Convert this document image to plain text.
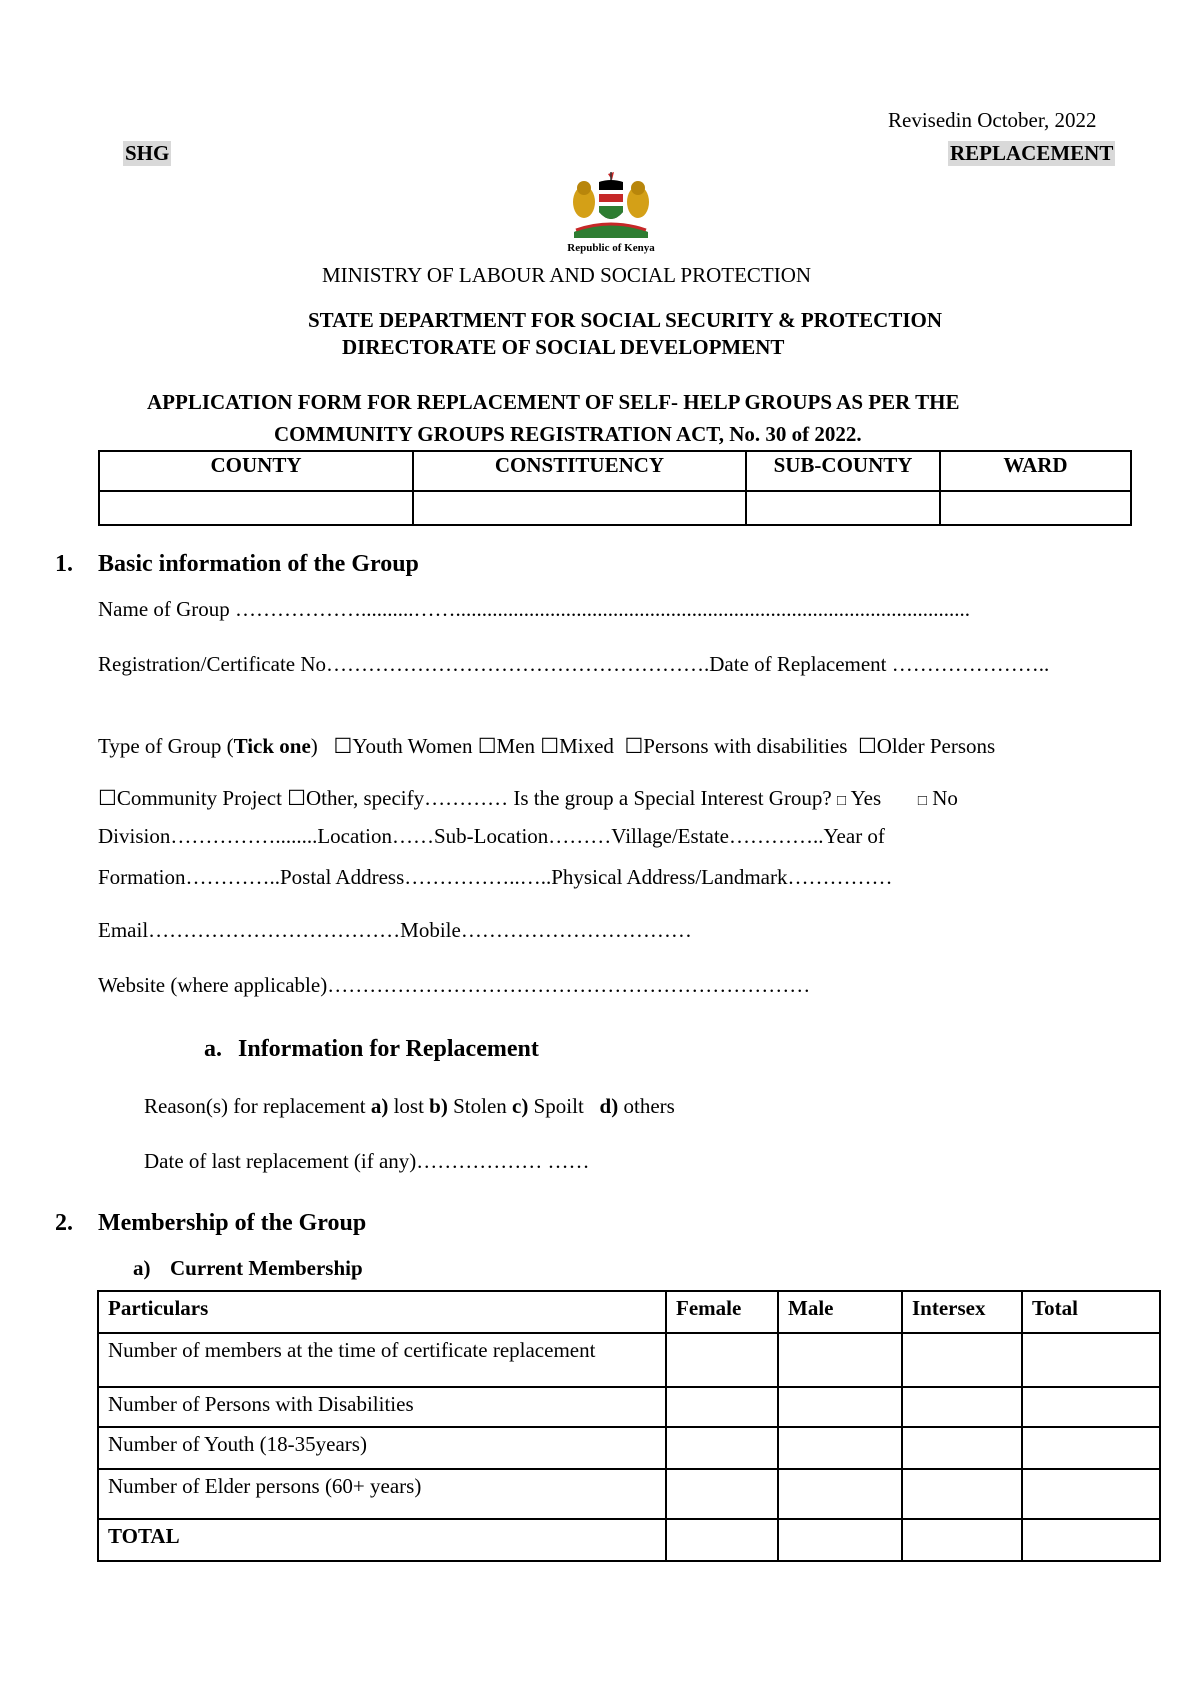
Revisedin October, 2022
SHG	REPLACEMENT
Republic of Kenya
MINISTRY OF LABOUR AND SOCIAL PROTECTION
STATE DEPARTMENT FOR SOCIAL SECURITY & PROTECTION
DIRECTORATE OF SOCIAL DEVELOPMENT
APPLICATION FORM FOR REPLACEMENT OF SELF- HELP GROUPS AS PER THE
COMMUNITY GROUPS REGISTRATION ACT, No. 30 of 2022.
COUNTY	CONSTITUENCY	SUB-COUNTY	WARD

1. Basic information of the Group
Name of Group ………………..........……..................................................................................................
Registration/Certificate No……………………………………………….Date of Replacement …………………..
Type of Group (Tick one) ☐Youth Women ☐Men ☐Mixed ☐Persons with disabilities ☐Older Persons
☐Community Project ☐Other, specify………… Is the group a Special Interest Group? □ Yes □ No
Division……………........Location……Sub-Location………Village/Estate…………..Year of
Formation…………..Postal Address……………..…..Physical Address/Landmark……………
Email………………………………Mobile……………………………
Website (where applicable)……………………………………………………………
a. Information for Replacement
Reason(s) for replacement a) lost b) Stolen c) Spoilt   d) others
Date of last replacement (if any)……………… ……
2. Membership of the Group
a) Current Membership
Particulars	Female	Male	Intersex	Total
Number of members at the time of certificate replacement				
Number of Persons with Disabilities				
Number of Youth (18-35years)				
Number of Elder persons (60+ years)				
TOTAL				
